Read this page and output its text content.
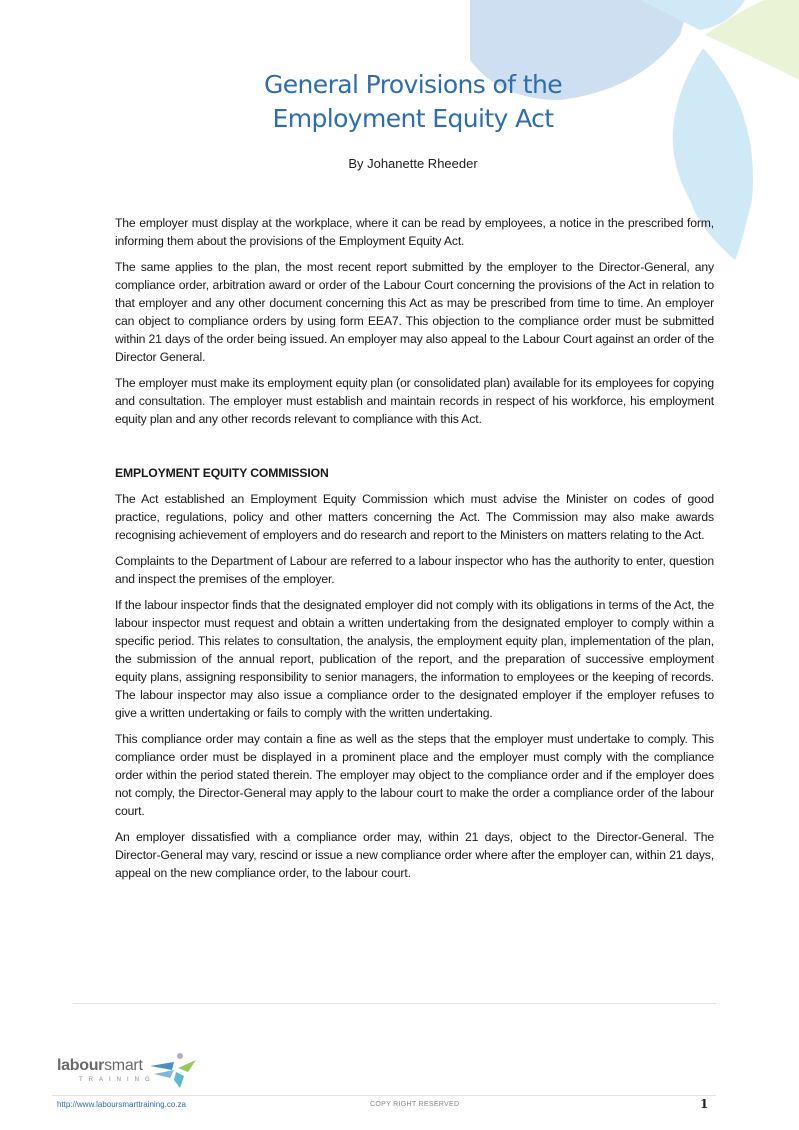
General Provisions of the
Employment Equity Act
By Johanette Rheeder

The employer must display at the workplace, where it can be read by employees, a notice in the prescribed form, informing them about the provisions of the Employment Equity Act.

The same applies to the plan, the most recent report submitted by the employer to the Director-General, any compliance order, arbitration award or order of the Labour Court concerning the provisions of the Act in relation to that employer and any other document concerning this Act as may be prescribed from time to time. An employer can object to compliance orders by using form EEA7. This objection to the compliance order must be submitted within 21 days of the order being issued. An employer may also appeal to the Labour Court against an order of the Director General.

The employer must make its employment equity plan (or consolidated plan) available for its employees for copying and consultation. The employer must establish and maintain records in respect of his workforce, his employment equity plan and any other records relevant to compliance with this Act.

EMPLOYMENT EQUITY COMMISSION

The Act established an Employment Equity Commission which must advise the Minister on codes of good practice, regulations, policy and other matters concerning the Act. The Commission may also make awards recognising achievement of employers and do research and report to the Ministers on matters relating to the Act.

Complaints to the Department of Labour are referred to a labour inspector who has the authority to enter, question and inspect the premises of the employer.

If the labour inspector finds that the designated employer did not comply with its obligations in terms of the Act, the labour inspector must request and obtain a written undertaking from the designated employer to comply within a specific period. This relates to consultation, the analysis, the employment equity plan, implementation of the plan, the submission of the annual report, publication of the report, and the preparation of successive employment equity plans, assigning responsibility to senior managers, the information to employees or the keeping of records. The labour inspector may also issue a compliance order to the designated employer if the employer refuses to give a written undertaking or fails to comply with the written undertaking.

This compliance order may contain a fine as well as the steps that the employer must undertake to comply. This compliance order must be displayed in a prominent place and the employer must comply with the compliance order within the period stated therein. The employer may object to the compliance order and if the employer does not comply, the Director-General may apply to the labour court to make the order a compliance order of the labour court.

An employer dissatisfied with a compliance order may, within 21 days, object to the Director-General. The Director-General may vary, rescind or issue a new compliance order where after the employer can, within 21 days, appeal on the new compliance order, to the labour court.

laboursmart
TRAINING
http://www.laboursmarttraining.co.za	COPY RIGHT RESERVED	1
